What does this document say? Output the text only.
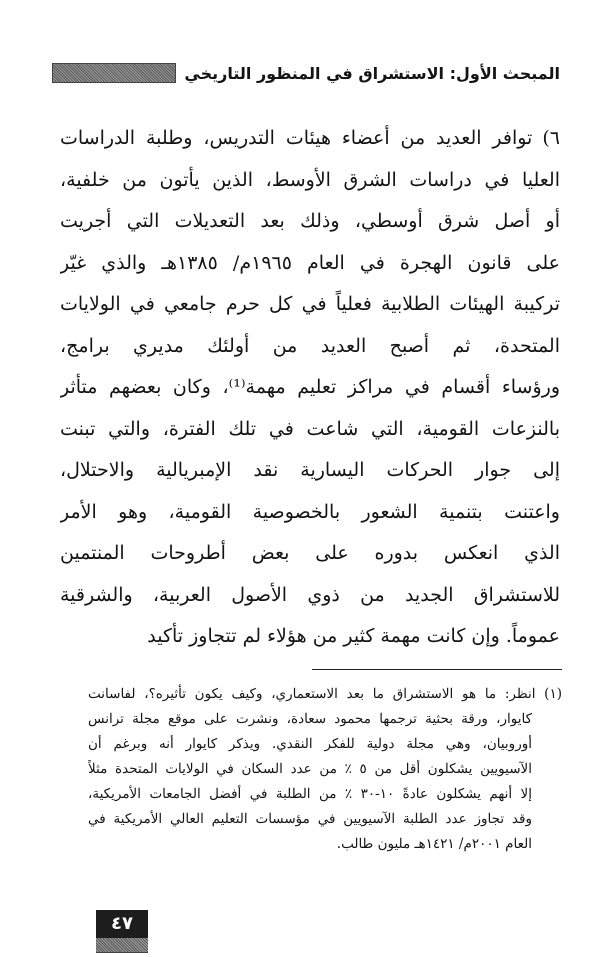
المبحث الأول: الاستشراق في المنظور التاريخي
٦)توافر العديد من أعضاء هيئات التدريس، وطلبة الدراسات
العليا في دراسات الشرق الأوسط، الذين يأتون من خلفية،
أو أصل شرق أوسطي، وذلك بعد التعديلات التي أجريت
على قانون الهجرة في العام ١٩٦٥م/ ١٣٨٥هـ والذي غيّر
تركيبة الهيئات الطلابية فعلياً في كل حرم جامعي في الولايات
المتحدة، ثم أصبح العديد من أولئك مديري برامج،
ورؤساء أقسام في مراكز تعليم مهمة⁽¹⁾، وكان بعضهم متأثر
بالنزعات القومية، التي شاعت في تلك الفترة، والتي تبنت
إلى جوار الحركات اليسارية نقد الإمبريالية والاحتلال،
واعتنت بتنمية الشعور بالخصوصية القومية، وهو الأمر
الذي انعكس بدوره على بعض أطروحات المنتمين
للاستشراق الجديد من ذوي الأصول العربية، والشرقية
عموماً. وإن كانت مهمة كثير من هؤلاء لم تتجاوز تأكيد
(١) انظر: ما هو الاستشراق ما بعد الاستعماري، وكيف يكون تأثيره؟، لفاسانت
كايوار، ورقة بحثية ترجمها محمود سعادة، ونشرت على موقع مجلة ترانس
أوروبيان، وهي مجلة دولية للفكر النقدي. ويذكر كايوار أنه وبرغم أن
الآسيويين يشكلون أقل من ٥ ٪ من عدد السكان في الولايات المتحدة مثلاً
إلا أنهم يشكلون عادةً ١٠-٣٠ ٪ من الطلبة في أفضل الجامعات الأمريكية،
وقد تجاوز عدد الطلبة الآسيويين في مؤسسات التعليم العالي الأمريكية في
العام ٢٠٠١م/ ١٤٢١هـ مليون طالب.
٤٧
